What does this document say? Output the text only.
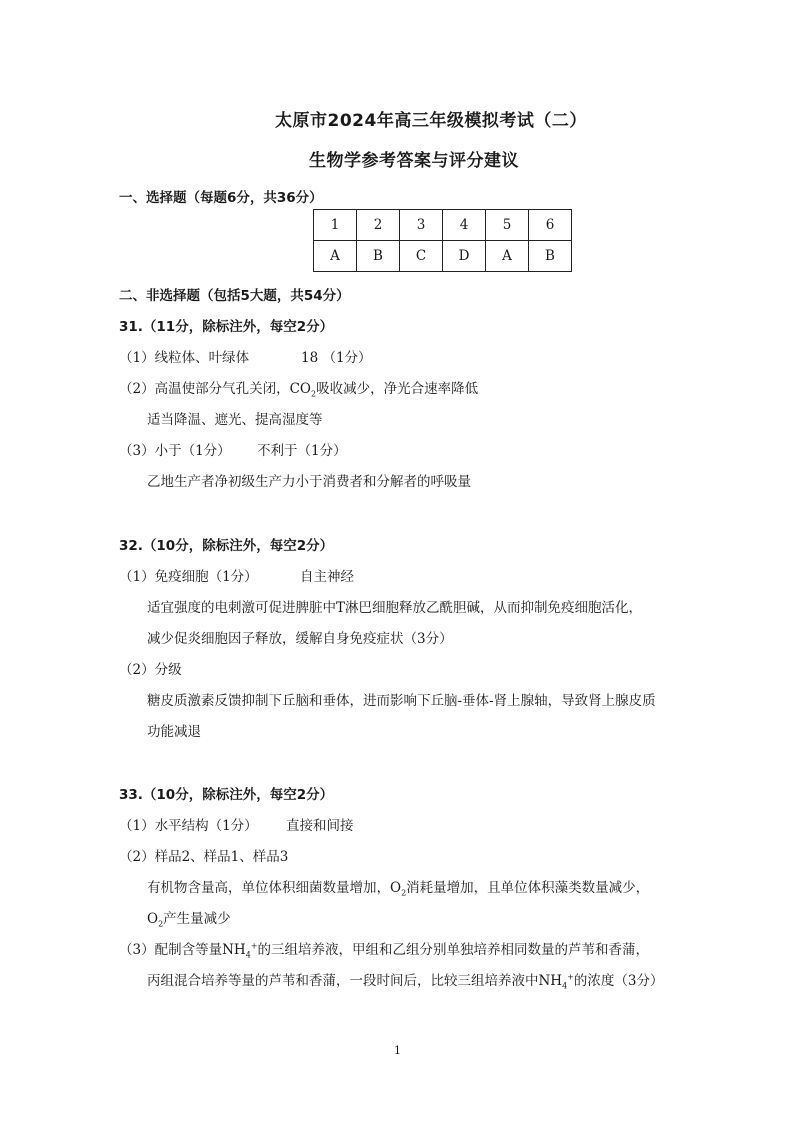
太原市2024年高三年级模拟考试（二）
生物学参考答案与评分建议
一、选择题（每题6分，共36分）
1	2	3	4	5	6
A	B	C	D	A	B
二、非选择题（包括5大题，共54分）
31.（11分，除标注外，每空2分）
（1）线粒体、叶绿体	18 （1分）
（2）高温使部分气孔关闭，$CO_2$吸收减少，净光合速率降低
适当降温、遮光、提高湿度等
（3）小于（1分） 不利于（1分）
乙地生产者净初级生产力小于消费者和分解者的呼吸量
32.（10分，除标注外，每空2分）
（1）免疫细胞（1分）	自主神经
适宜强度的电刺激可促进脾脏中T淋巴细胞释放乙酰胆碱，从而抑制免疫细胞活化，
减少促炎细胞因子释放，缓解自身免疫症状（3分）
（2）分级
糖皮质激素反馈抑制下丘脑和垂体，进而影响下丘脑-垂体-肾上腺轴，导致肾上腺皮质
功能减退
33.（10分，除标注外，每空2分）
（1）水平结构（1分） 直接和间接
（2）样品2、样品1、样品3
有机物含量高，单位体积细菌数量增加，$O_2$消耗量增加，且单位体积藻类数量减少，
$O_2$产生量减少
（3）配制含等量$NH_4^+$的三组培养液，甲组和乙组分别单独培养相同数量的芦苇和香蒲，
丙组混合培养等量的芦苇和香蒲，一段时间后，比较三组培养液中$NH_4^+$的浓度（3分）
1
